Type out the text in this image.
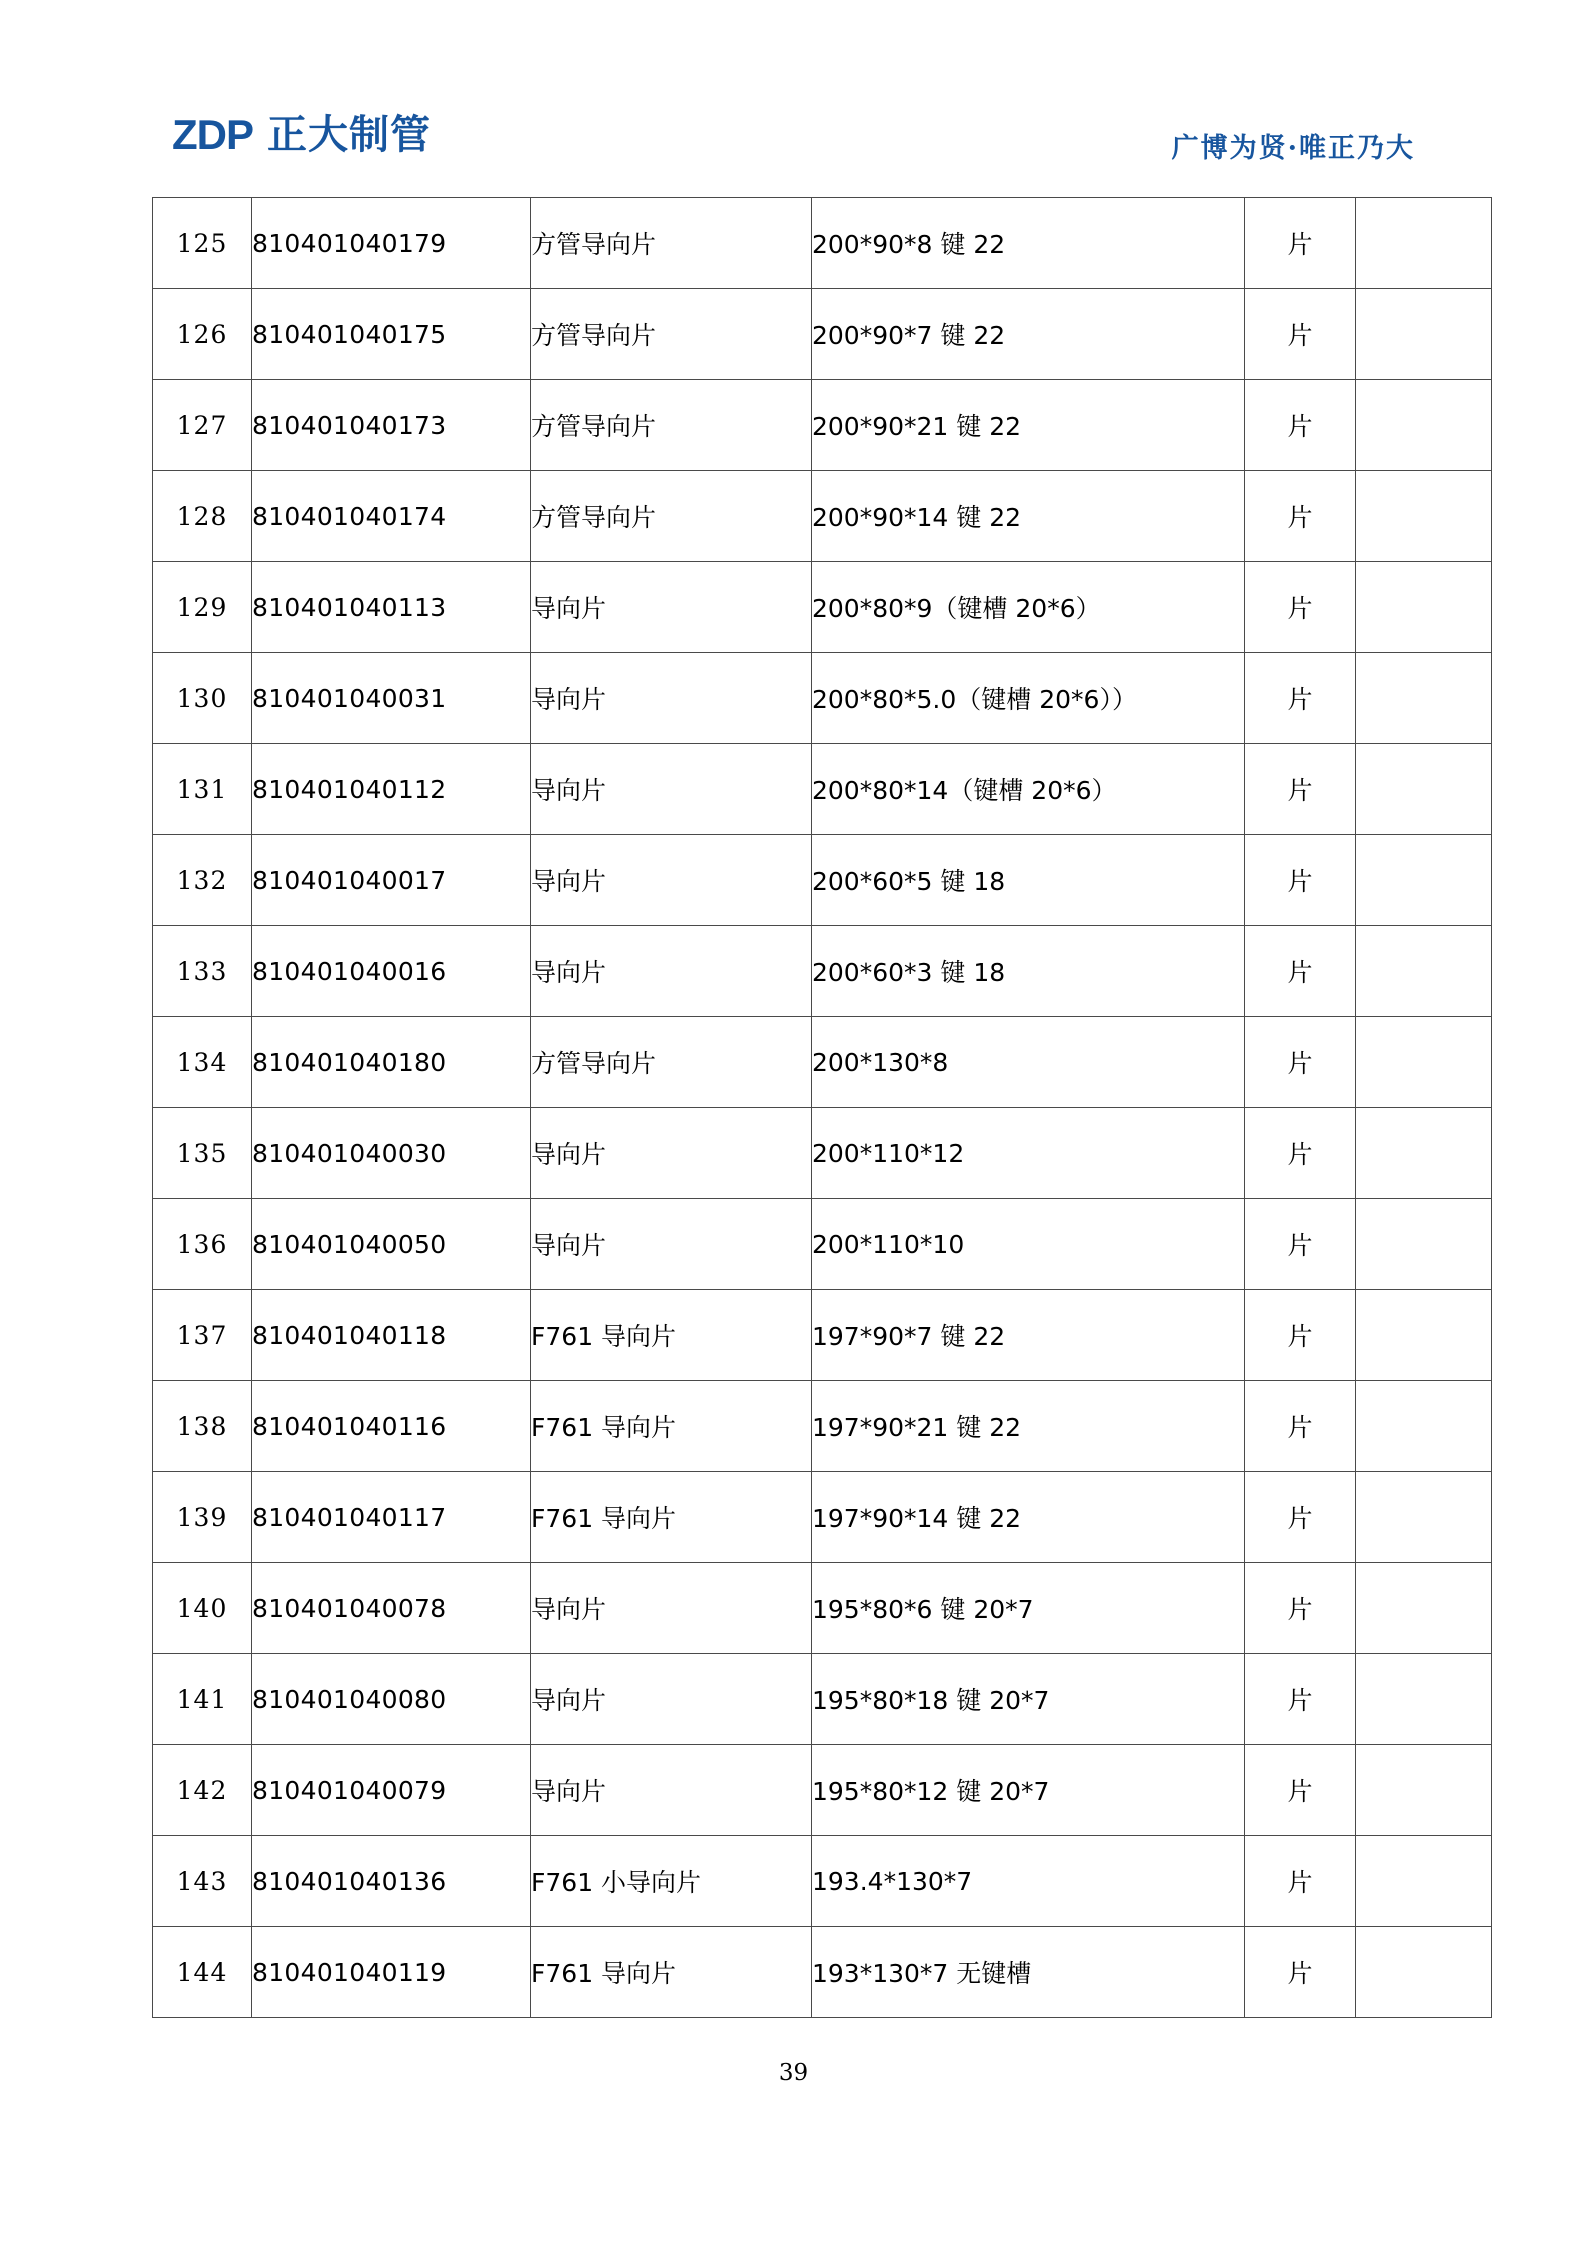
ZDP 正大制管	广博为贤·唯正乃大
125	810401040179	方管导向片	200*90*8 键 22	片	
126	810401040175	方管导向片	200*90*7 键 22	片	
127	810401040173	方管导向片	200*90*21 键 22	片	
128	810401040174	方管导向片	200*90*14 键 22	片	
129	810401040113	导向片	200*80*9（键槽 20*6）	片	
130	810401040031	导向片	200*80*5.0（键槽 20*6））	片	
131	810401040112	导向片	200*80*14（键槽 20*6）	片	
132	810401040017	导向片	200*60*5 键 18	片	
133	810401040016	导向片	200*60*3 键 18	片	
134	810401040180	方管导向片	200*130*8	片	
135	810401040030	导向片	200*110*12	片	
136	810401040050	导向片	200*110*10	片	
137	810401040118	F761 导向片	197*90*7 键 22	片	
138	810401040116	F761 导向片	197*90*21 键 22	片	
139	810401040117	F761 导向片	197*90*14 键 22	片	
140	810401040078	导向片	195*80*6 键 20*7	片	
141	810401040080	导向片	195*80*18 键 20*7	片	
142	810401040079	导向片	195*80*12 键 20*7	片	
143	810401040136	F761 小导向片	193.4*130*7	片	
144	810401040119	F761 导向片	193*130*7 无键槽	片	
39
